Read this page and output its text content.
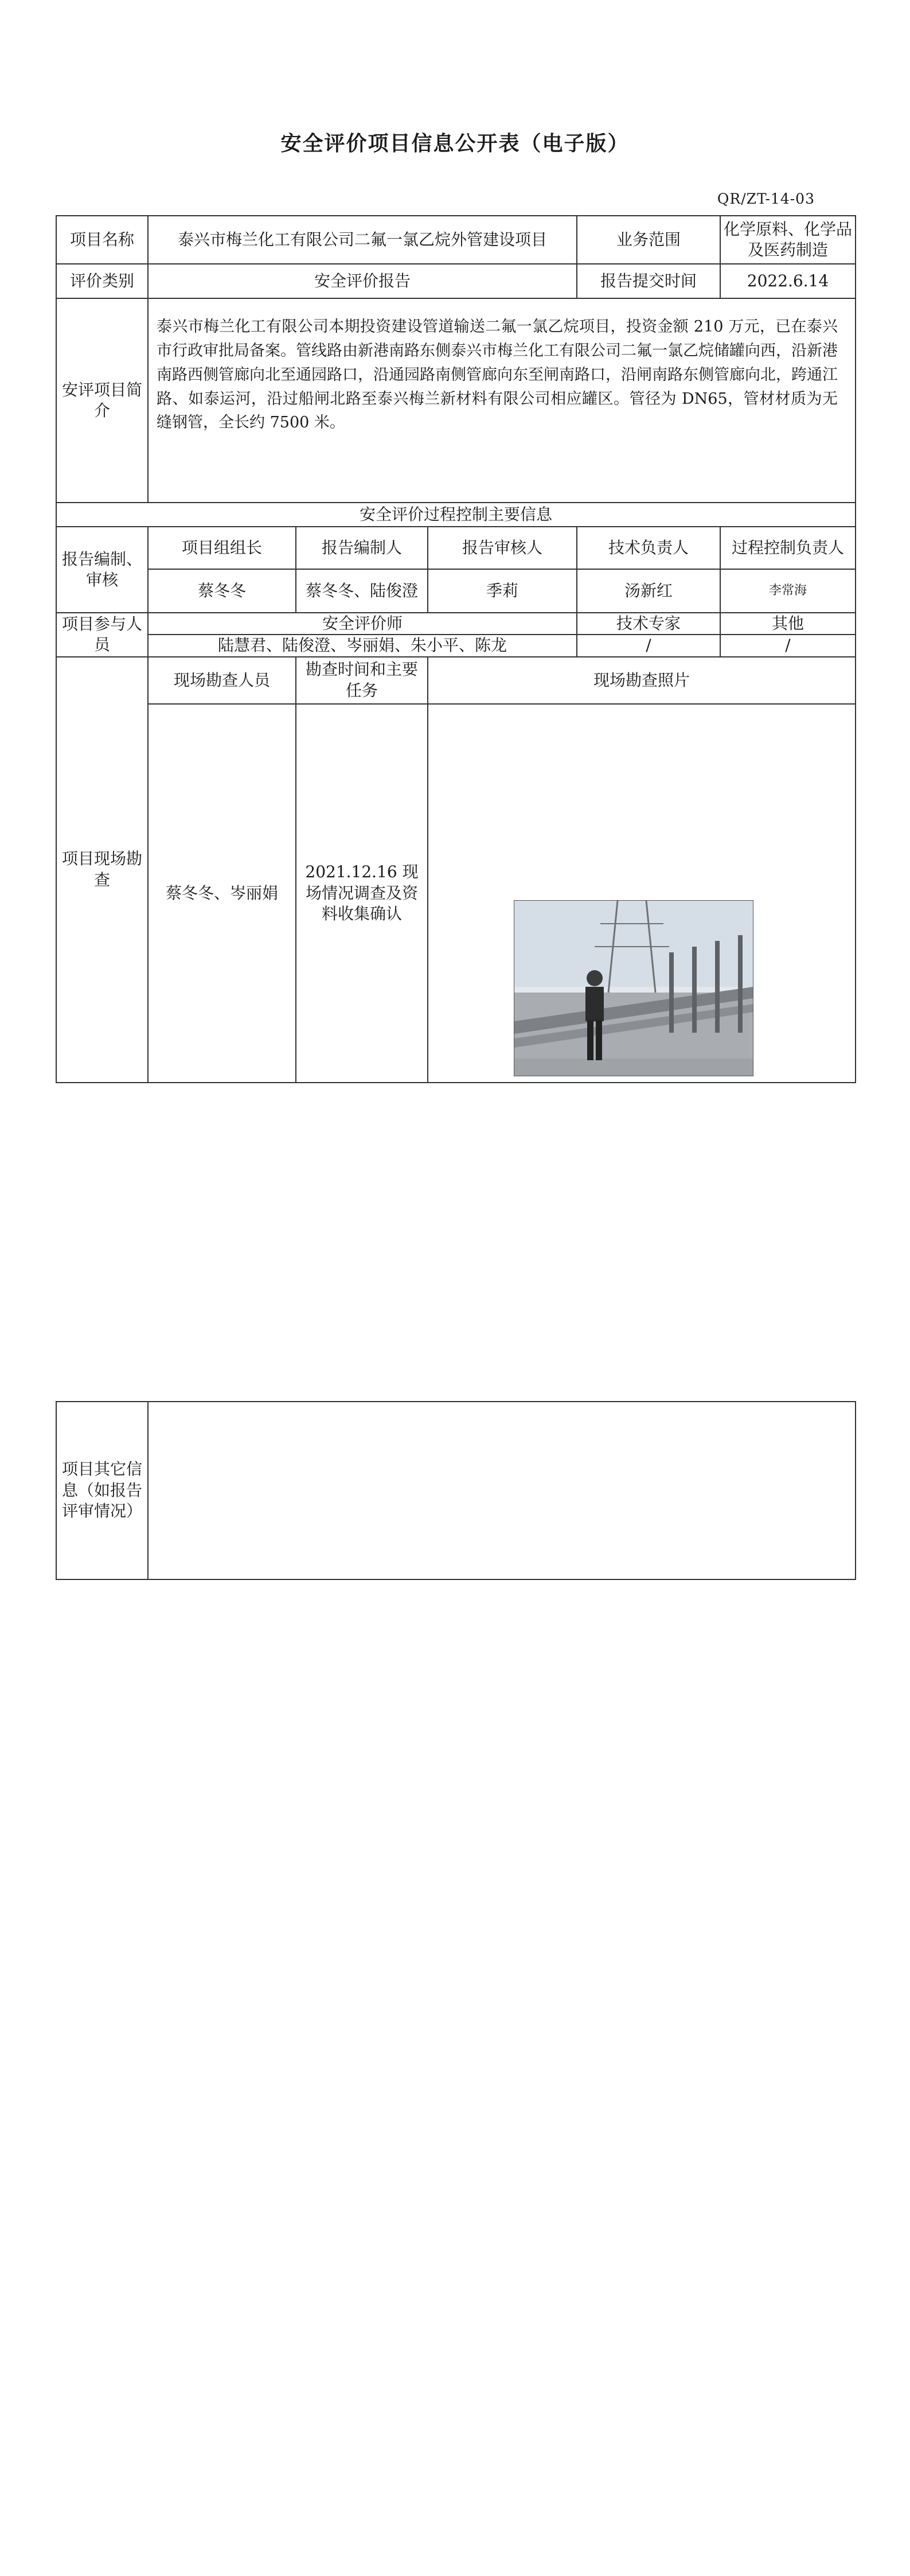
安全评价项目信息公开表（电子版）
QR/ZT-14-03
项目名称	泰兴市梅兰化工有限公司二氟一氯乙烷外管建设项目			业务范围	化学原料、化学品及医药制造
评价类别	安全评价报告			报告提交时间	2022.6.14
安评项目简介	泰兴市梅兰化工有限公司本期投资建设管道输送二氟一氯乙烷项目，投资金额 210 万元，已在泰兴市行政审批局备案。管线路由新港南路东侧泰兴市梅兰化工有限公司二氟一氯乙烷储罐向西，沿新港南路西侧管廊向北至通园路口，沿通园路南侧管廊向东至闸南路口，沿闸南路东侧管廊向北，跨通江路、如泰运河，沿过船闸北路至泰兴梅兰新材料有限公司相应罐区。管径为 DN65，管材材质为无缝钢管，全长约 7500 米。				
安全评价过程控制主要信息					
报告编制、审核	项目组组长	报告编制人	报告审核人	技术负责人	过程控制负责人
	蔡冬冬	蔡冬冬、陆俊澄	季莉	汤新红	李常海
项目参与人员	安全评价师			技术专家	其他
	陆慧君、陆俊澄、岑丽娟、朱小平、陈龙			/	/
项目现场勘查	现场勘查人员	勘查时间和主要任务	现场勘查照片		
	蔡冬冬、岑丽娟	2021.12.16 现场情况调查及资料收集确认	
项目其它信息（如报告评审情况）	
